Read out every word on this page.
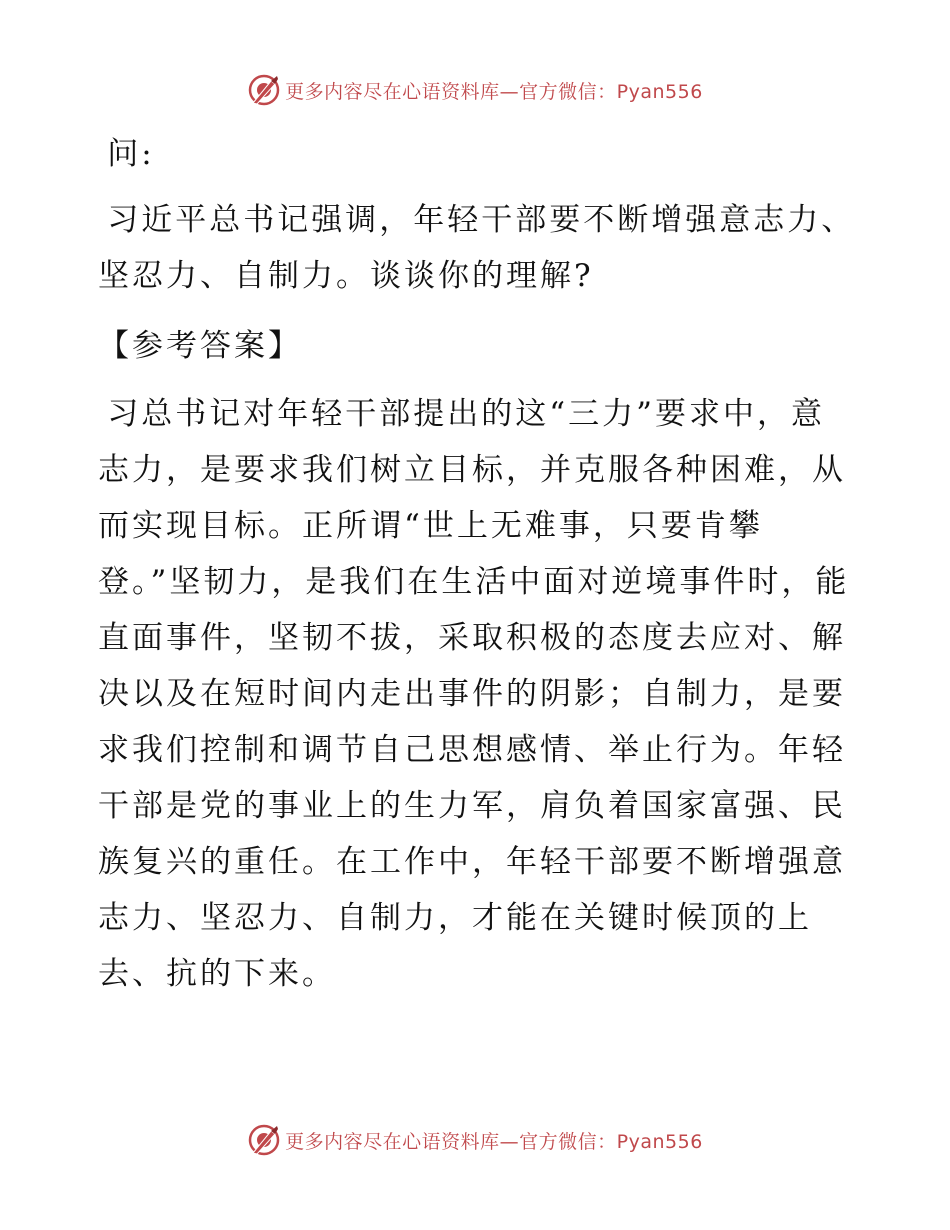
更多内容尽在心语资料库—官方微信：Pyan556

问:

习近平总书记强调，年轻干部要不断增强意志力、坚忍力、自制力。谈谈你的理解?

【参考答案】

习总书记对年轻干部提出的这“三力”要求中，意志力，是要求我们树立目标，并克服各种困难，从而实现目标。正所谓“世上无难事，只要肯攀登。”坚韧力，是我们在生活中面对逆境事件时，能直面事件，坚韧不拔，采取积极的态度去应对、解决以及在短时间内走出事件的阴影；自制力，是要求我们控制和调节自己思想感情、举止行为。年轻干部是党的事业上的生力军，肩负着国家富强、民族复兴的重任。在工作中，年轻干部要不断增强意志力、坚忍力、自制力，才能在关键时候顶的上去、抗的下来。

更多内容尽在心语资料库—官方微信：Pyan556
